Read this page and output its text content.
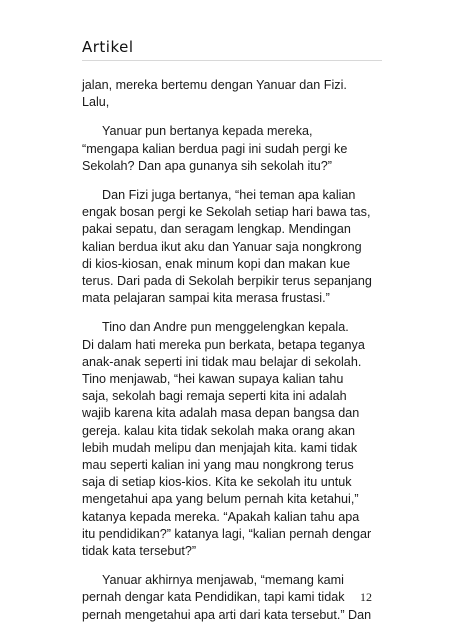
Artikel
jalan, mereka bertemu dengan Yanuar dan Fizi.
Lalu,
Yanuar pun bertanya kepada mereka,
“mengapa kalian berdua pagi ini sudah pergi ke
Sekolah? Dan apa gunanya sih sekolah itu?”
Dan Fizi juga bertanya, “hei teman apa kalian
engak bosan pergi ke Sekolah setiap hari bawa tas,
pakai sepatu, dan seragam lengkap. Mendingan
kalian berdua ikut aku dan Yanuar saja nongkrong
di kios-kiosan, enak minum kopi dan makan kue
terus. Dari pada di Sekolah berpikir terus sepanjang
mata pelajaran sampai kita merasa frustasi.”
Tino dan Andre pun menggelengkan kepala.
Di dalam hati mereka pun berkata, betapa teganya
anak-anak seperti ini tidak mau belajar di sekolah.
Tino menjawab, “hei kawan supaya kalian tahu
saja, sekolah bagi remaja seperti kita ini adalah
wajib karena kita adalah masa depan bangsa dan
gereja. kalau kita tidak sekolah maka orang akan
lebih mudah melipu dan menjajah kita. kami tidak
mau seperti kalian ini yang mau nongkrong terus
saja di setiap kios-kios. Kita ke sekolah itu untuk
mengetahui apa yang belum pernah kita ketahui,”
katanya kepada mereka. “Apakah kalian tahu apa
itu pendidikan?” katanya lagi, “kalian pernah dengar
tidak kata tersebut?”
Yanuar akhirnya menjawab, “memang kami
pernah dengar kata Pendidikan, tapi kami tidak
pernah mengetahui apa arti dari kata tersebut.” Dan
12
